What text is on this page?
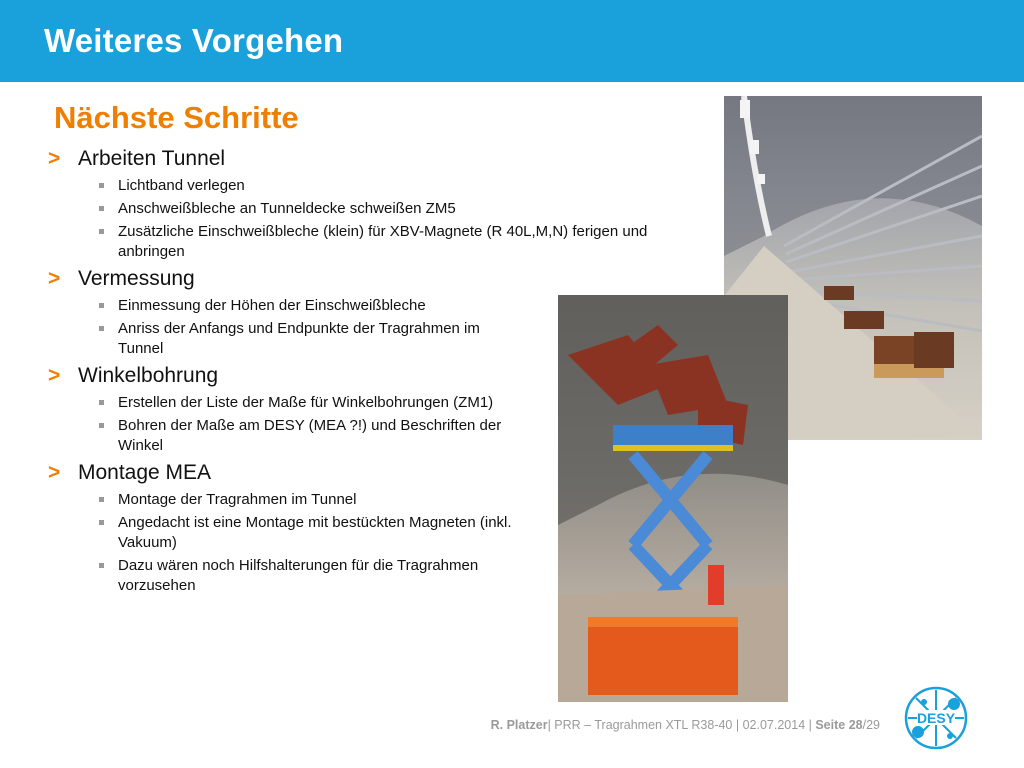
Weiteres Vorgehen
Nächste Schritte
> Arbeiten Tunnel
Lichtband verlegen
Anschweißbleche an Tunneldecke schweißen ZM5
Zusätzliche Einschweißbleche (klein) für XBV-Magnete (R 40L,M,N) ferigen und anbringen
> Vermessung
Einmessung der Höhen der Einschweißbleche
Anriss der Anfangs und Endpunkte der Tragrahmen im Tunnel
> Winkelbohrung
Erstellen der Liste der Maße für Winkelbohrungen (ZM1)
Bohren der Maße am DESY (MEA ?!) und Beschriften der Winkel
> Montage MEA
Montage der Tragrahmen im Tunnel
Angedacht ist eine Montage mit bestückten Magneten (inkl. Vakuum)
Dazu wären noch Hilfshalterungen für die Tragrahmen vorzusehen
R. Platzer| PRR – Tragrahmen XTL R38-40 | 02.07.2014 | Seite 28/29	DESY
